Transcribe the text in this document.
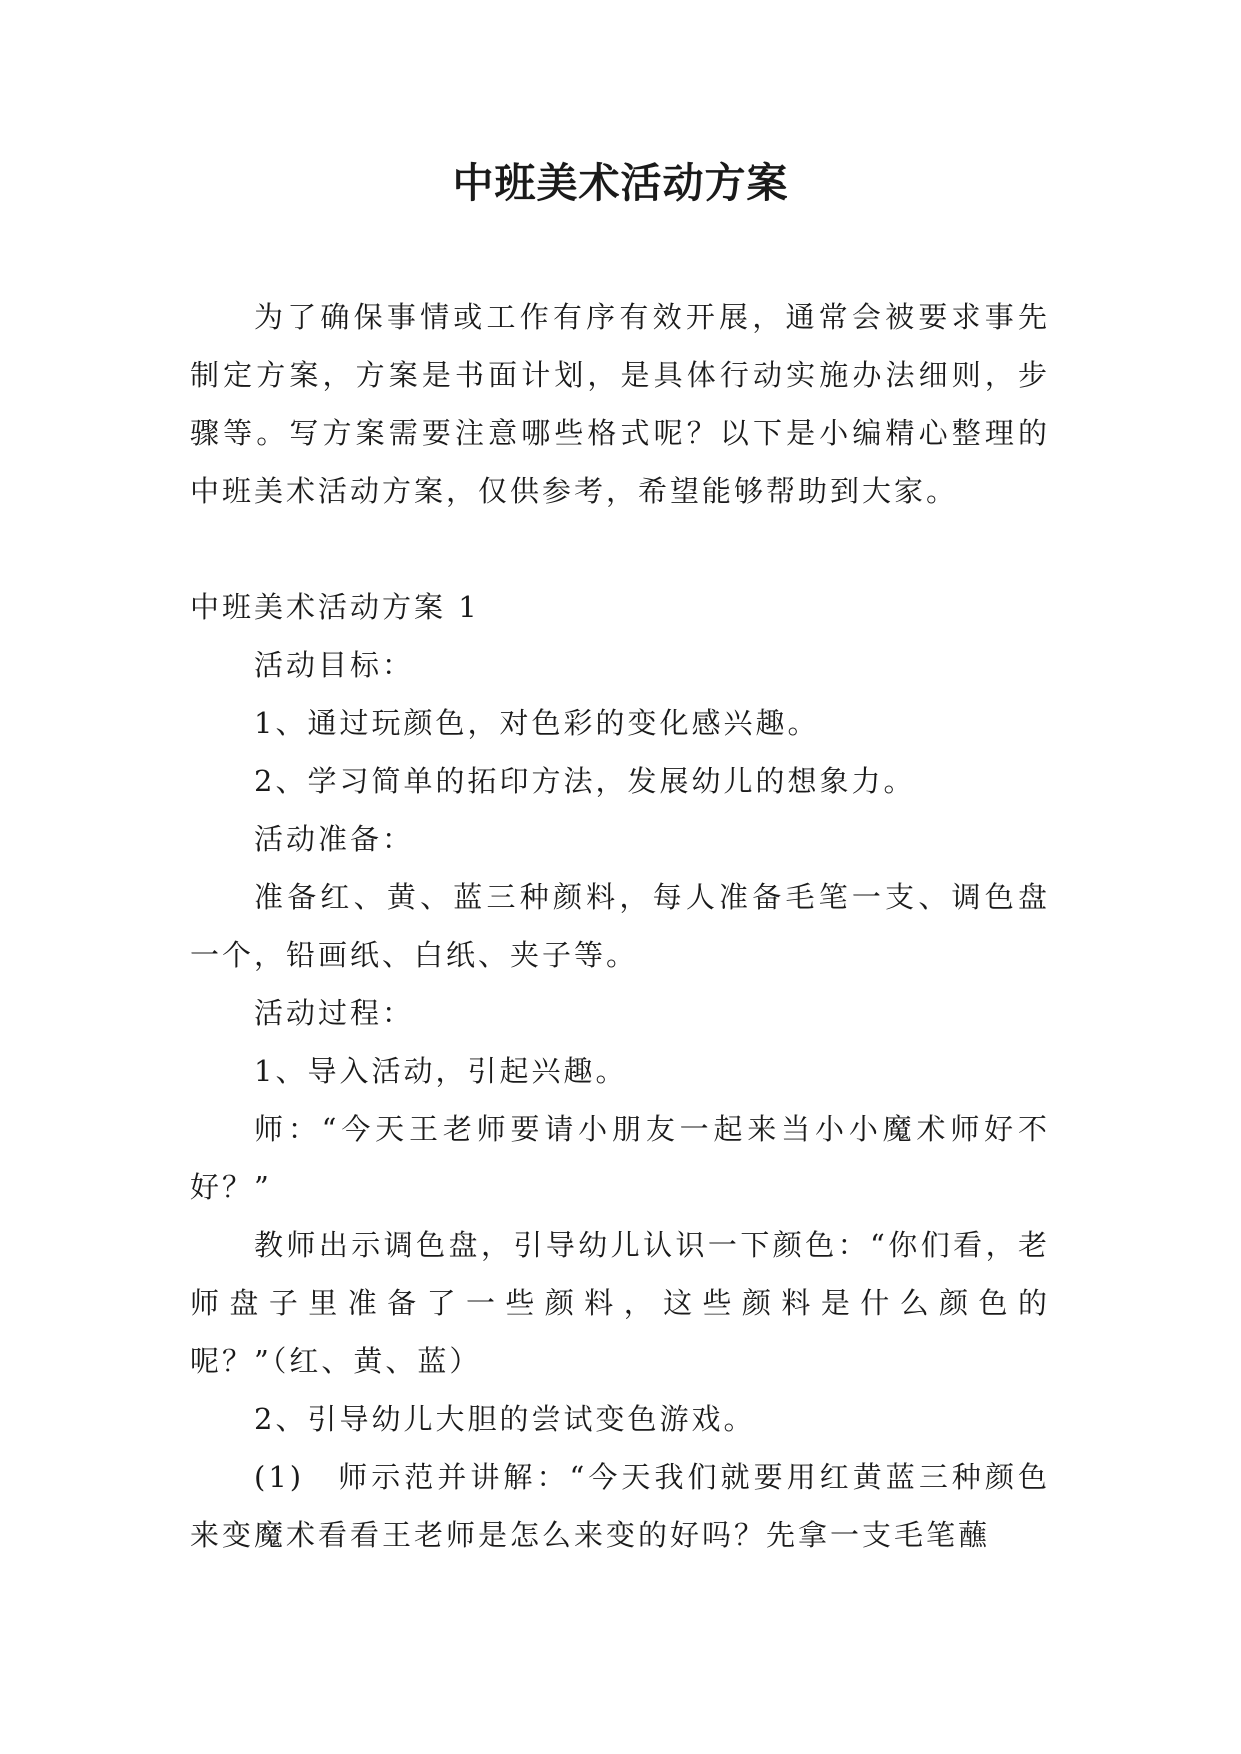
中班美术活动方案

为了确保事情或工作有序有效开展，通常会被要求事先制定方案，方案是书面计划，是具体行动实施办法细则，步骤等。写方案需要注意哪些格式呢？以下是小编精心整理的中班美术活动方案，仅供参考，希望能够帮助到大家。

中班美术活动方案 1

活动目标：

1、通过玩颜色，对色彩的变化感兴趣。

2、学习简单的拓印方法，发展幼儿的想象力。

活动准备：

准备红、黄、蓝三种颜料，每人准备毛笔一支、调色盘一个，铅画纸、白纸、夹子等。

活动过程：

1、导入活动，引起兴趣。

师：“今天王老师要请小朋友一起来当小小魔术师好不好？”

教师出示调色盘，引导幼儿认识一下颜色：“你们看，老师盘子里准备了一些颜料，这些颜料是什么颜色的呢？”（红、黄、蓝）

2、引导幼儿大胆的尝试变色游戏。

(1)　师示范并讲解：“今天我们就要用红黄蓝三种颜色来变魔术看看王老师是怎么来变的好吗？先拿一支毛笔蘸
